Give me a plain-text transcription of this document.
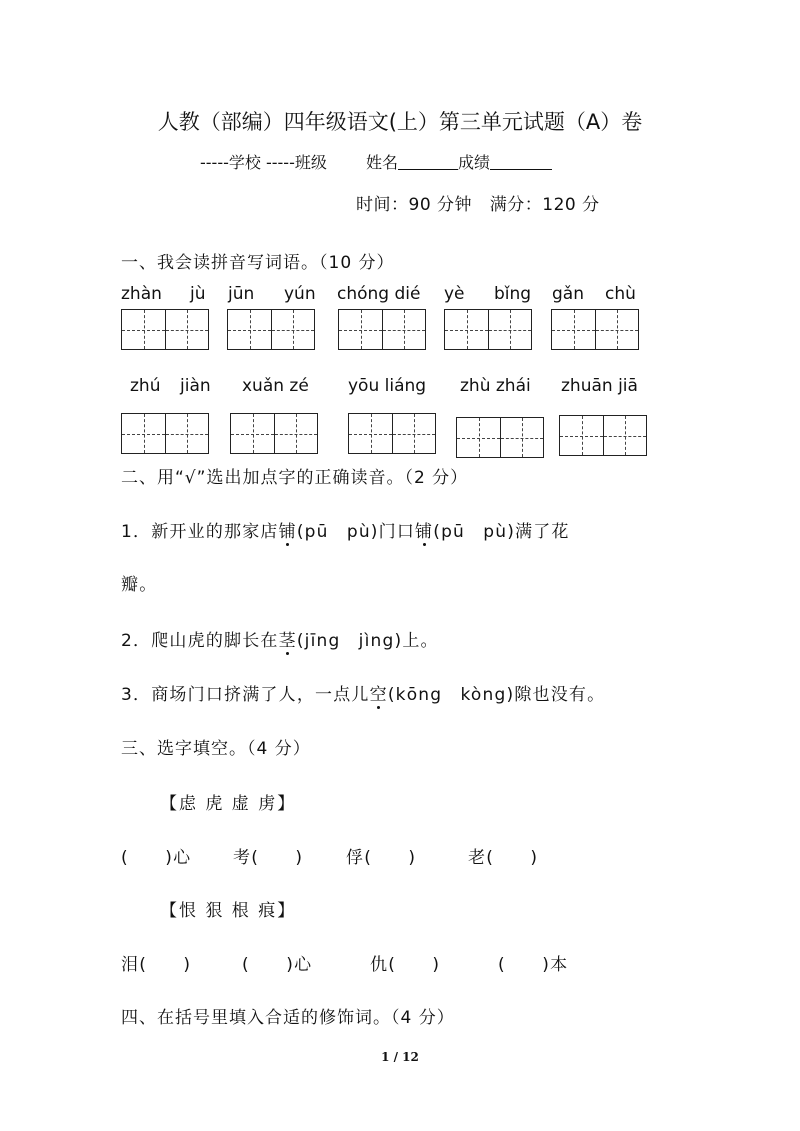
人教（部编）四年级语文(上）第三单元试题（A）卷
-----学校 -----班级 姓名	成绩
时间：90 分钟 满分：120 分
一、我会读拼音写词语。（10 分）
zhàn jù jūn yún chóng dié yè bǐng gǎn chù
zhú jiàn xuǎn zé yōu liáng zhù zhái zhuān jiā
二、用“√”选出加点字的正确读音。（2 分）
1．新开业的那家店铺(pū　pù)门口铺(pū　pù)满了花
瓣。
2．爬山虎的脚长在茎(jīng　jìng)上。
3．商场门口挤满了人，一点儿空(kōng　kòng)隙也没有。
三、选字填空。（4 分）
【虑 虎 虚 虏】
(　　)心 考(　　)	俘(　　)	老(　　)
【恨 狠 根 痕】
泪(　　)	(　　)心	仇(　　)	(　　)本
四、在括号里填入合适的修饰词。（4 分）
1 / 12
